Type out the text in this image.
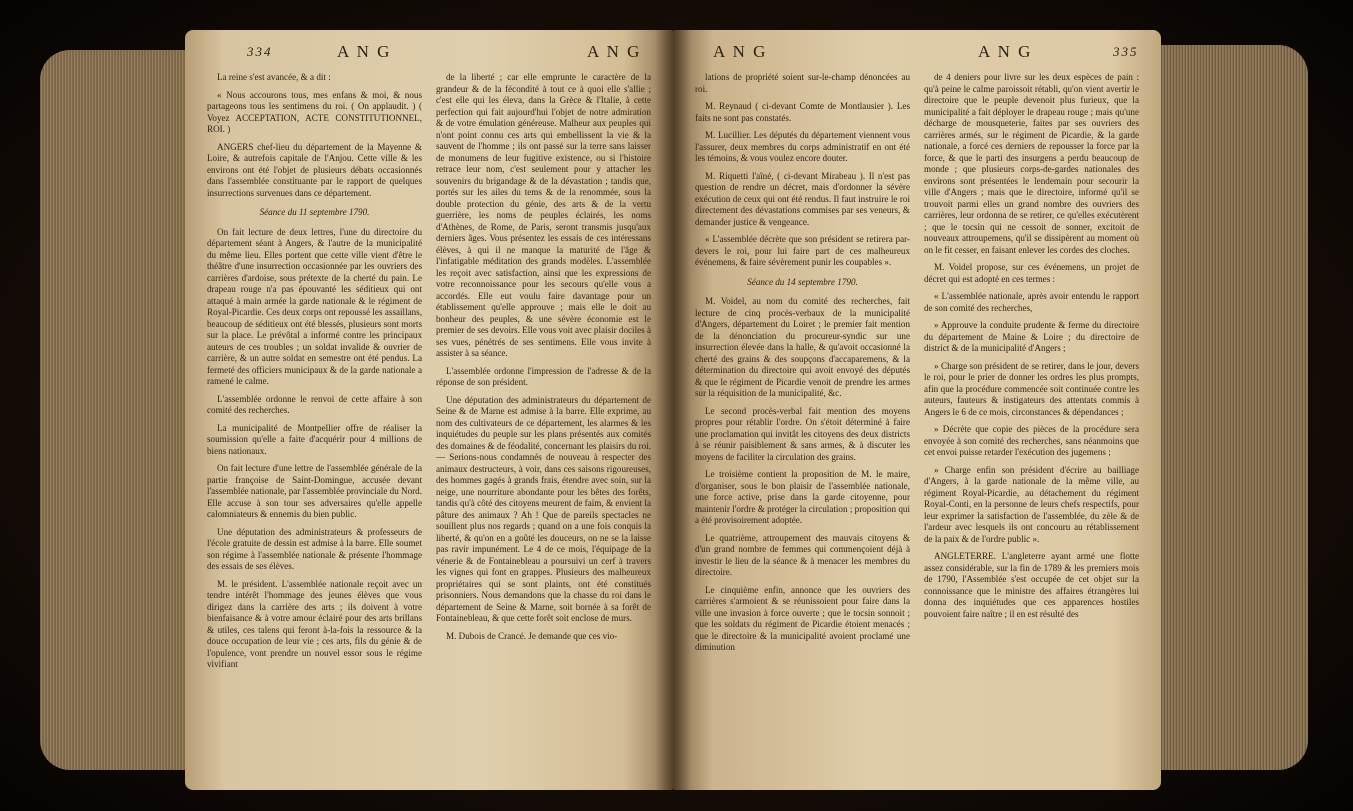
334	A N G	A N G

La reine s'est avancée, & a dit :

« Nous accourons tous, mes enfans & moi, & nous partageons tous les sentimens du roi. ( On applaudit. ) ( Voyez ACCEPTATION, ACTE CONSTITUTIONNEL, ROI. )

ANGERS chef-lieu du département de la Mayenne & Loire, & autrefois capitale de l'Anjou. Cette ville & les environs ont été l'objet de plusieurs débats occasionnés dans l'assemblée constituante par le rapport de quelques insurrections survenues dans ce département.

Séance du 11 septembre 1790.

On fait lecture de deux lettres, l'une du directoire du département séant à Angers, & l'autre de la municipalité du même lieu. Elles portent que cette ville vient d'être le théâtre d'une insurrection occasionnée par les ouvriers des carrières d'ardoise, sous prétexte de la cherté du pain. Le drapeau rouge n'a pas épouvanté les séditieux qui ont attaqué à main armée la garde nationale & le régiment de Royal-Picardie. Ces deux corps ont repoussé les assaillans, beaucoup de séditieux ont été blessés, plusieurs sont morts sur la place. Le prévôtal a informé contre les principaux auteurs de ces troubles ; un soldat invalide & ouvrier de carrière, & un autre soldat en semestre ont été pendus. La fermeté des officiers municipaux & de la garde nationale a ramené le calme.

L'assemblée ordonne le renvoi de cette affaire à son comité des recherches.

La municipalité de Montpellier offre de réaliser la soumission qu'elle a faite d'acquérir pour 4 millions de biens nationaux.

On fait lecture d'une lettre de l'assemblée générale de la partie françoise de Saint-Domingue, accusée devant l'assemblée nationale, par l'assemblée provinciale du Nord. Elle accuse à son tour ses adversaires qu'elle appelle calomniateurs & ennemis du bien public.

Une députation des administrateurs & professeurs de l'école gratuite de dessin est admise à la barre. Elle soumet son régime à l'assemblée nationale & présente l'hommage des essais de ses élèves.

M. le président. L'assemblée nationale reçoit avec un tendre intérêt l'hommage des jeunes élèves que vous dirigez dans la carrière des arts ; ils doivent à votre bienfaisance & à votre amour éclairé pour des arts brillans & utiles, ces talens qui feront à-la-fois la ressource & la douce occupation de leur vie ; ces arts, fils du génie & de l'opulence, vont prendre un nouvel essor sous le régime vivifiant

de la liberté ; car elle emprunte le caractère de la grandeur & de la fécondité à tout ce à quoi elle s'allie ; c'est elle qui les éleva, dans la Grèce & l'Italie, à cette perfection qui fait aujourd'hui l'objet de notre admiration & de votre émulation généreuse. Malheur aux peuples qui n'ont point connu ces arts qui embellissent la vie & la sauvent de l'homme ; ils ont passé sur la terre sans laisser de monumens de leur fugitive existence, ou si l'histoire retrace leur nom, c'est seulement pour y attacher les souvenirs du brigandage & de la dévastation ; tandis que, portés sur les ailes du tems & de la renommée, sous la double protection du génie, des arts & de la vertu guerrière, les noms de peuples éclairés, les noms d'Athènes, de Rome, de Paris, seront transmis jusqu'aux derniers âges. Vous présentez les essais de ces intéressans élèves, à qui il ne manque la maturité de l'âge & l'infatigable méditation des grands modèles. L'assemblée les reçoit avec satisfaction, ainsi que les expressions de votre reconnoissance pour les secours qu'elle vous a accordés. Elle eut voulu faire davantage pour un établissement qu'elle approuve ; mais elle le doit au bonheur des peuples, & une sévère économie est le premier de ses devoirs. Elle vous voit avec plaisir dociles à ses vues, pénétrés de ses sentimens. Elle vous invite à assister à sa séance.

L'assemblée ordonne l'impression de l'adresse & de la réponse de son président.

Une députation des administrateurs du département de Seine & de Marne est admise à la barre. Elle exprime, au nom des cultivateurs de ce département, les alarmes & les inquiétudes du peuple sur les plans présentés aux comités des domaines & de féodalité, concernant les plaisirs du roi. — Serions-nous condamnés de nouveau à respecter des animaux destructeurs, à voir, dans ces saisons rigoureuses, des hommes gagés à grands frais, étendre avec soin, sur la neige, une nourriture abondante pour les bêtes des forêts, tandis qu'à côté des citoyens meurent de faim, & envient la pâture des animaux ? Ah ! Que de pareils spectacles ne souillent plus nos regards ; quand on a une fois conquis la liberté, & qu'on en a goûté les douceurs, on ne se la laisse pas ravir impunément. Le 4 de ce mois, l'équipage de la vénerie & de Fontainebleau a poursuivi un cerf à travers les vignes qui font en grappes. Plusieurs des malheureux propriétaires qui se sont plaints, ont été constitués prisonniers. Nous demandons que la chasse du roi dans le département de Seine & Marne, soit bornée à sa forêt de Fontainebleau, & que cette forêt soit enclose de murs.

M. Dubois de Crancé. Je demande que ces vio-

A N G	A N G	335

lations de propriété soient sur-le-champ dénoncées au roi.

M. Reynaud ( ci-devant Comte de Montlausier ). Les faits ne sont pas constatés.

M. Lucillier. Les députés du département viennent vous l'assurer, deux membres du corps administratif en ont été les témoins, & vous voulez encore douter.

M. Riquetti l'aîné, ( ci-devant Mirabeau ). Il n'est pas question de rendre un décret, mais d'ordonner la sévère exécution de ceux qui ont été rendus. Il faut instruire le roi directement des dévastations commises par ses veneurs, & demander justice & vengeance.

« L'assemblée décrète que son président se retirera par-devers le roi, pour lui faire part de ces malheureux événemens, & faire sévèrement punir les coupables ».

Séance du 14 septembre 1790.

M. Voidel, au nom du comité des recherches, fait lecture de cinq procès-verbaux de la municipalité d'Angers, département du Loiret ; le premier fait mention de la dénonciation du procureur-syndic sur une insurrection élevée dans la halle, & qu'avoit occasionné la cherté des grains & des soupçons d'accaparemens, & la détermination du directoire qui avoit envoyé des députés & que le régiment de Picardie venoit de prendre les armes sur la réquisition de la municipalité, &c.

Le second procès-verbal fait mention des moyens propres pour rétablir l'ordre. On s'étoit déterminé à faire une proclamation qui invitât les citoyens des deux districts à se réunir paisiblement & sans armes, & à discuter les moyens de faciliter la circulation des grains.

Le troisième contient la proposition de M. le maire, d'organiser, sous le bon plaisir de l'assemblée nationale, une force active, prise dans la garde citoyenne, pour maintenir l'ordre & protéger la circulation ; proposition qui a été provisoirement adoptée.

Le quatrième, attroupement des mauvais citoyens & d'un grand nombre de femmes qui commençoient déjà à investir le lieu de la séance & à menacer les membres du directoire.

Le cinquième enfin, annonce que les ouvriers des carrières s'armoient & se réunissoient pour faire dans la ville une invasion à force ouverte ; que le tocsin sonnoit ; que les soldats du régiment de Picardie étoient menacés ; que le directoire & la municipalité avoient proclamé une diminution

de 4 deniers pour livre sur les deux espèces de pain : qu'à peine le calme paroissoit rétabli, qu'on vient avertir le directoire que le peuple devenoit plus furieux, que la municipalité a fait déployer le drapeau rouge ; mais qu'une décharge de mousqueterie, faites par ses ouvriers des carrières armés, sur le régiment de Picardie, & la garde nationale, a forcé ces derniers de repousser la force par la force, & que le parti des insurgens a perdu beaucoup de monde ; que plusieurs corps-de-gardes nationales des environs sont présentées le lendemain pour secourir la ville d'Angers ; mais que le directoire, informé qu'il se trouvoit parmi elles un grand nombre des ouvriers des carrières, leur ordonna de se retirer, ce qu'elles exécutèrent ; que le tocsin qui ne cessoit de sonner, excitoit de nouveaux attroupemens, qu'il se dissipèrent au moment où on le fit cesser, en faisant enlever les cordes des cloches.

M. Voidel propose, sur ces événemens, un projet de décret qui est adopté en ces termes :

« L'assemblée nationale, après avoir entendu le rapport de son comité des recherches,

» Approuve la conduite prudente & ferme du directoire du département de Maine & Loire ; du directoire de district & de la municipalité d'Angers ;

» Charge son président de se retirer, dans le jour, devers le roi, pour le prier de donner les ordres les plus prompts, afin que la procédure commencée soit continuée contre les auteurs, fauteurs & instigateurs des attentats commis à Angers le 6 de ce mois, circonstances & dépendances ;

» Décrète que copie des pièces de la procédure sera envoyée à son comité des recherches, sans néanmoins que cet envoi puisse retarder l'exécution des jugemens ;

» Charge enfin son président d'écrire au bailliage d'Angers, à la garde nationale de la même ville, au régiment Royal-Picardie, au détachement du régiment Royal-Conti, en la personne de leurs chefs respectifs, pour leur exprimer la satisfaction de l'assemblée, du zèle & de l'ardeur avec lesquels ils ont concouru au rétablissement de la paix & de l'ordre public ».

ANGLETERRE. L'angleterre ayant armé une flotte assez considérable, sur la fin de 1789 & les premiers mois de 1790, l'Assemblée s'est occupée de cet objet sur la connoissance que le ministre des affaires étrangères lui donna des inquiétudes que ces apparences hostiles pouvoient faire naître ; il en est résulté des
